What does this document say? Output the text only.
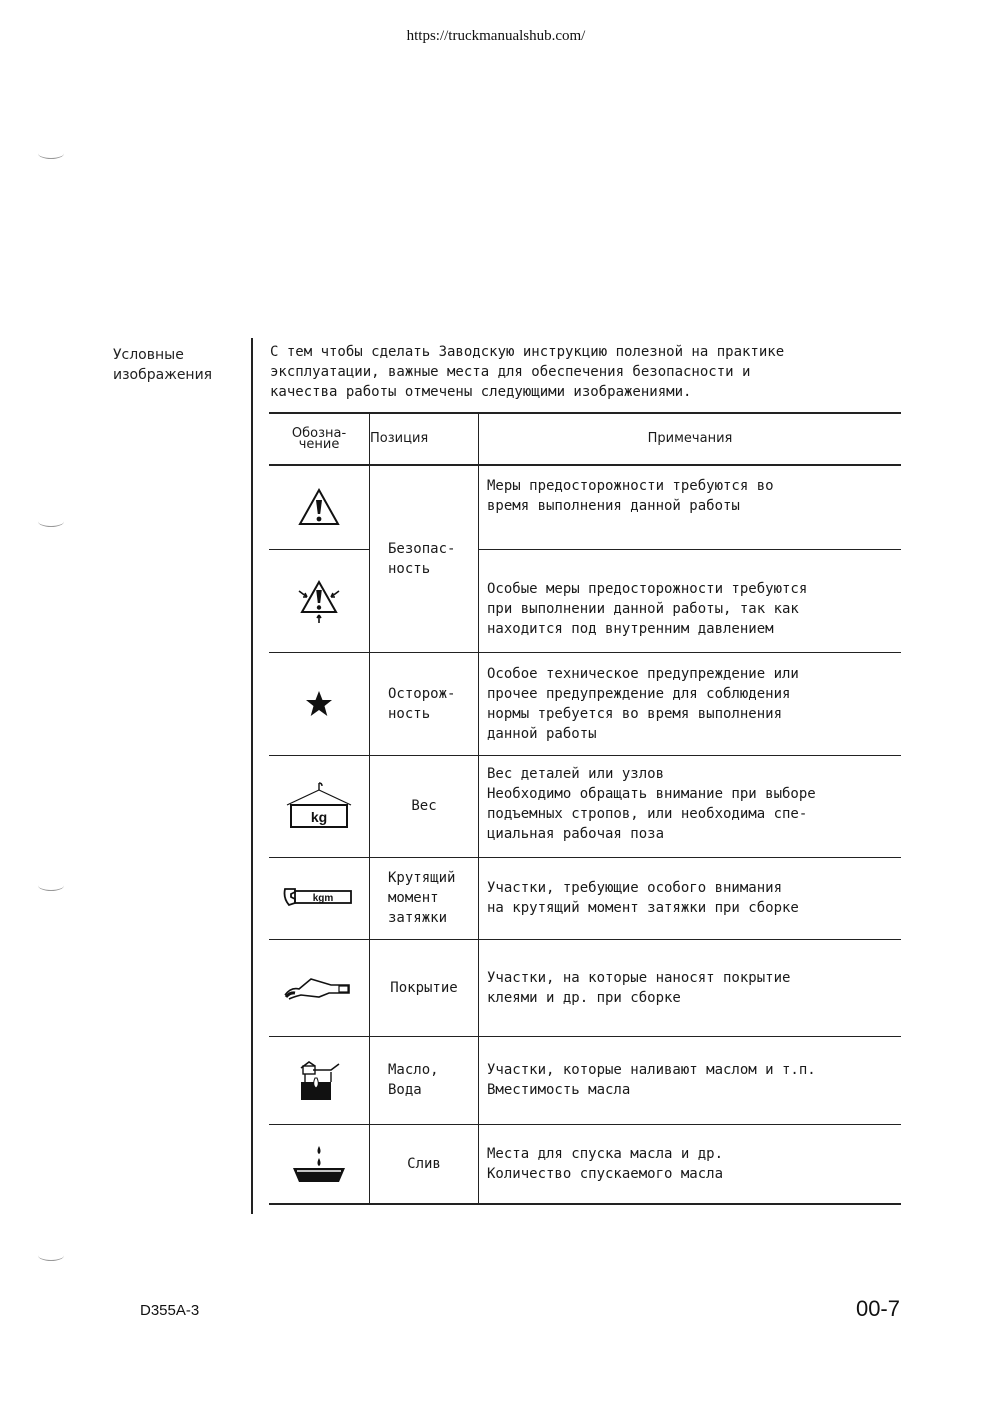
https://truckmanualshub.com/
Условные
изображения
С тем чтобы сделать Заводскую инструкцию полезной на практике
эксплуатации, важные места для обеспечения безопасности и
качества работы отмечены следующими изображениями.
Обозна-
чение	Позиция	Примечания

Безопас-
ность	Меры предосторожности требуются во
время выполнения данной работы

Особые меры предосторожности требуются
при выполнении данной работы, так как
находится под внутренним давлением

Осторож-
ность	Особое техническое предупреждение или
прочее предупреждение для соблюдения
нормы требуется во время выполнения
данной работы

kg	Вес	Вес деталей или узлов
Необходимо обращать внимание при выборе
подъемных стропов, или необходима спе-
циальная рабочая поза

kgm	Крутящий
момент
затяжки	Участки, требующие особого внимания
на крутящий момент затяжки при сборке

Покрытие	Участки, на которые наносят покрытие
клеями и др. при сборке

Масло,
Вода	Участки, которые наливают маслом и т.п.
Вместимость масла

Слив	Места для спуска масла и др.
Количество спускаемого масла
D355A-3	00-7
